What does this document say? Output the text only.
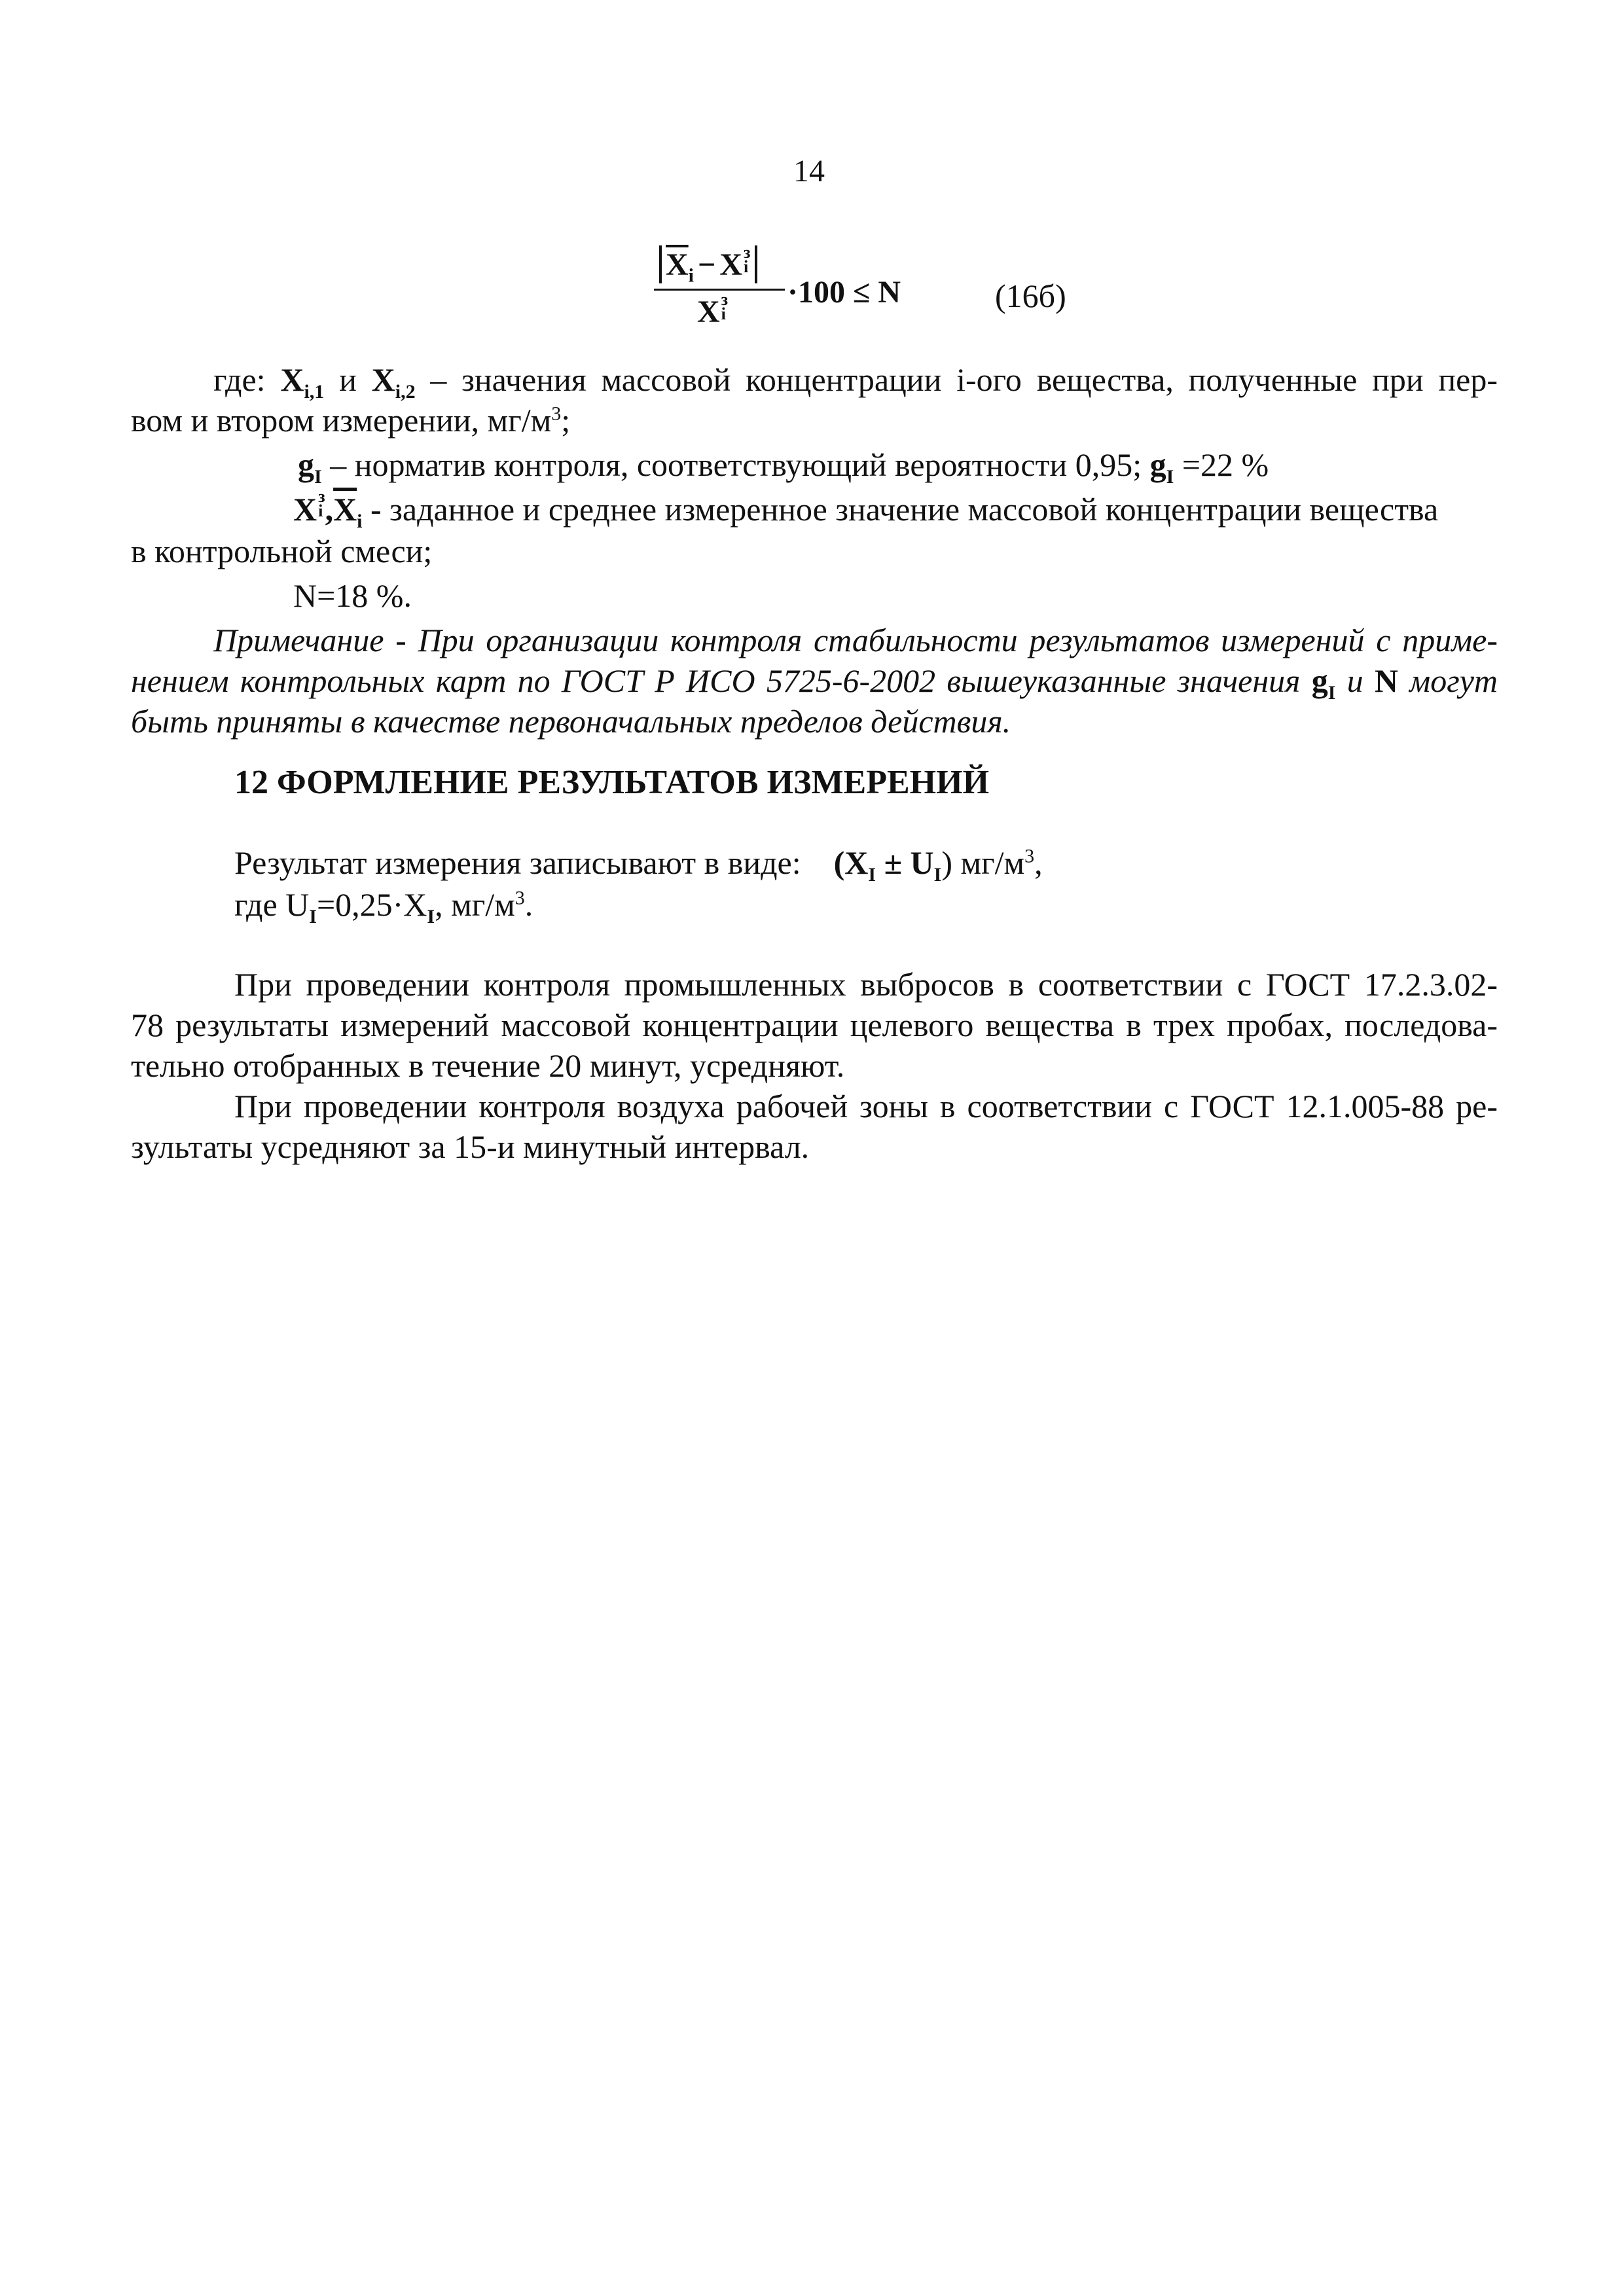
14
$\overline{X}_i$ − Xз
i
Xз
i
·100 ≤ N	(16б)
где: $X_{i,1}$ и $X_{i,2}$ – значения массовой концентрации i-ого вещества, полученные при пер-
вом и втором измерении, $мг/м^3$;
$g_I$ – норматив контроля, соответствующий вероятности 0,95; $g_I =22$ %
Xз
$i,\overline{X}_i$ - заданное и среднее измеренное значение массовой концентрации вещества
в контрольной смеси;
N=18 %.
Примечание - При организации контроля стабильности результатов измерений с приме-
нением контрольных карт по ГОСТ Р ИСО 5725-6-2002 вышеуказанные значения $g_I$ и N могут
быть приняты в качестве первоначальных пределов действия.
12 ФОРМЛЕНИЕ РЕЗУЛЬТАТОВ ИЗМЕРЕНИЙ
Результат измерения записывают в виде: $(X_I \pm U_I)$ $мг/м^3$,
где $U_I=0,25\cdot X_I$, $мг/м^3$.
При проведении контроля промышленных выбросов в соответствии с ГОСТ 17.2.3.02-
78 результаты измерений массовой концентрации целевого вещества в трех пробах, последова-
тельно отобранных в течение 20 минут, усредняют.
При проведении контроля воздуха рабочей зоны в соответствии с ГОСТ 12.1.005-88 ре-
зультаты усредняют за 15-и минутный интервал.
